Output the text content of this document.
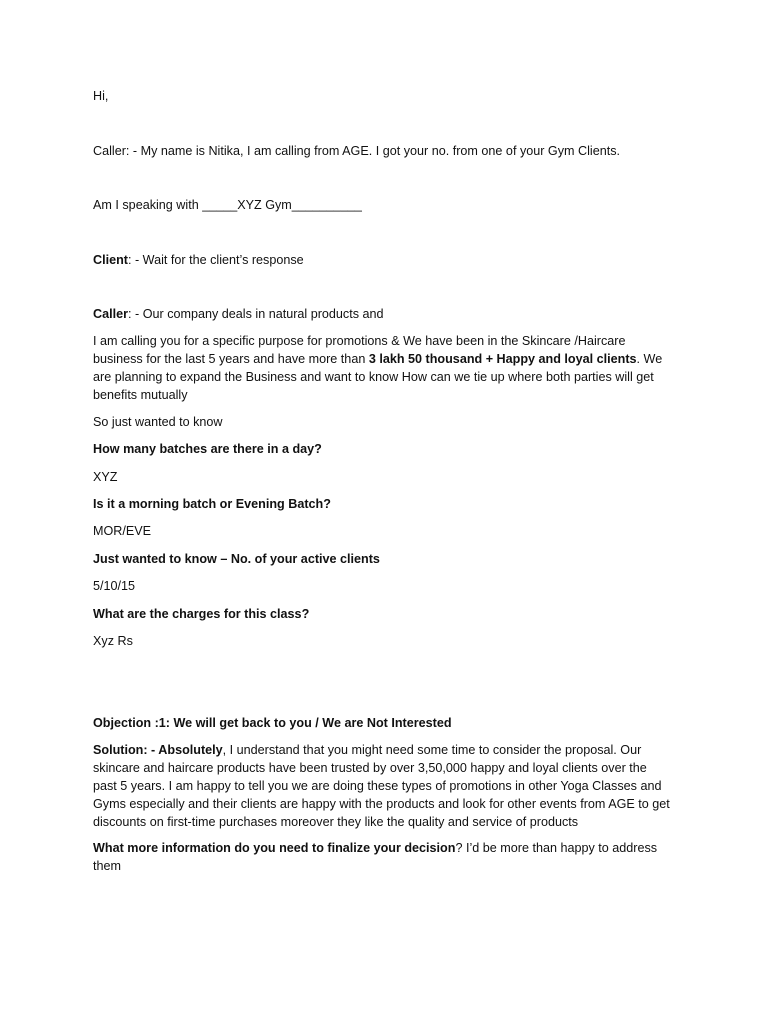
Hi,

Caller: - My name is Nitika, I am calling from AGE. I got your no. from one of your Gym Clients.

Am I speaking with _____XYZ Gym__________

Client: - Wait for the client’s response

Caller: - Our company deals in natural products and

I am calling you for a specific purpose for promotions & We have been in the Skincare /Haircare business for the last 5 years and have more than 3 lakh 50 thousand + Happy and loyal clients. We are planning to expand the Business and want to know How can we tie up where both parties will get benefits mutually

So just wanted to know

How many batches are there in a day?

XYZ

Is it a morning batch or Evening Batch?

MOR/EVE

Just wanted to know – No. of your active clients

5/10/15

What are the charges for this class?

Xyz Rs

Objection :1: We will get back to you / We are Not Interested

Solution: - Absolutely, I understand that you might need some time to consider the proposal. Our skincare and haircare products have been trusted by over 3,50,000 happy and loyal clients over the past 5 years. I am happy to tell you we are doing these types of promotions in other Yoga Classes and Gyms especially and their clients are happy with the products and look for other events from AGE to get discounts on first-time purchases moreover they like the quality and service of products

What more information do you need to finalize your decision? I’d be more than happy to address them
